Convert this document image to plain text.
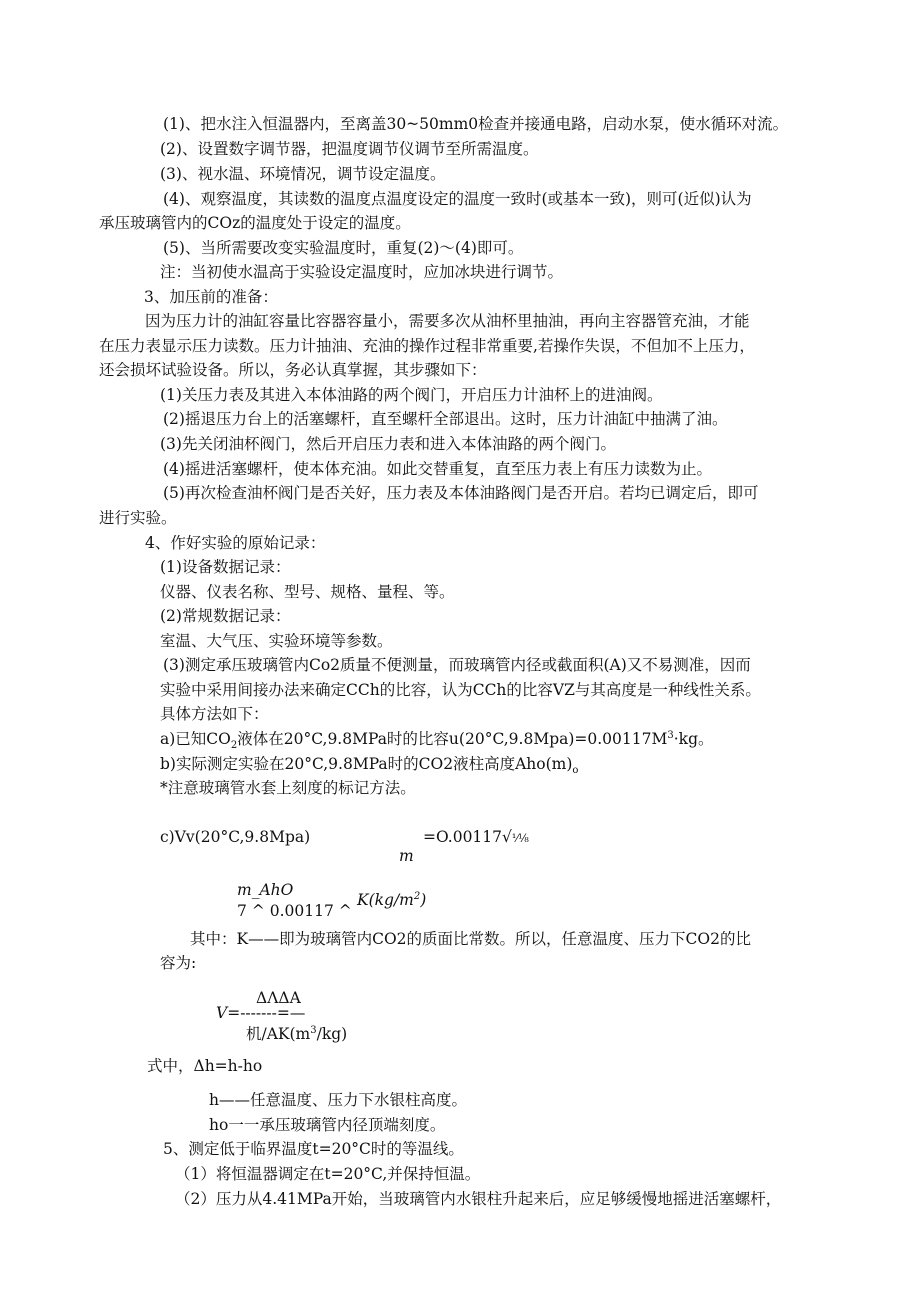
(1)、把水注入恒温器内，至离盖30~50mm0检查并接通电路，启动水泵，使水循环对流。
(2)、设置数字调节器，把温度调节仪调节至所需温度。
(3)、视水温、环境情况，调节设定温度。
(4)、观察温度，其读数的温度点温度设定的温度一致时(或基本一致)，则可(近似)认为
承压玻璃管内的COz的温度处于设定的温度。
(5)、当所需要改变实验温度时，重复(2)～(4)即可。
注：当初使水温高于实验设定温度时，应加冰块进行调节。
3、加压前的准备：
因为压力计的油缸容量比容器容量小，需要多次从油杯里抽油，再向主容器管充油，才能
在压力表显示压力读数。压力计抽油、充油的操作过程非常重要,若操作失误，不但加不上压力，
还会损坏试验设备。所以，务必认真掌握，其步骤如下：
(1)关压力表及其进入本体油路的两个阀门，开启压力计油杯上的进油阀。
(2)摇退压力台上的活塞螺杆，直至螺杆全部退出。这时，压力计油缸中抽满了油。
(3)先关闭油杯阀门，然后开启压力表和进入本体油路的两个阀门。
(4)摇进活塞螺杆，使本体充油。如此交替重复，直至压力表上有压力读数为止。
(5)再次检查油杯阀门是否关好，压力表及本体油路阀门是否开启。若均已调定后，即可
进行实验。
4、作好实验的原始记录：
(1)设备数据记录：
仪器、仪表名称、型号、规格、量程、等。
(2)常规数据记录：
室温、大气压、实验环境等参数。
(3)测定承压玻璃管内Co2质量不便测量，而玻璃管内径或截面积(A)又不易测准，因而
实验中采用间接办法来确定CCh的比容，认为CCh的比容VZ与其高度是一种线性关系。
具体方法如下：
a)已知$CO_2$液体在20°C,9.8MPa时的比容$u(20^\circ C,9.8Mpa)=0.00117M^3\cdot kg$。
b)实际测定实验在20°C,9.8MPa时的CO2液柱高度$Aho(m)_o$
*注意玻璃管水套上刻度的标记方法。
c)Vv(20°C,9.8Mpa)	=O.00117√⅟⅛
m
m_AhO
7 ^ 0.00117 ^
$K(kg/m^2)$
其中：K——即为玻璃管内CO2的质面比常数。所以，任意温度、压力下CO2的比
容为:
ΔΛΔA
V=-------=—
机$/AK(m^3/kg)$
式中，Δh=h-ho
h——任意温度、压力下水银柱高度。
ho一一承压玻璃管内径顶端刻度。
5、测定低于临界温度t=20°C时的等温线。
（1）将恒温器调定在t=20°C,并保持恒温。
（2）压力从4.41MPa开始，当玻璃管内水银柱升起来后，应足够缓慢地摇进活塞螺杆，
